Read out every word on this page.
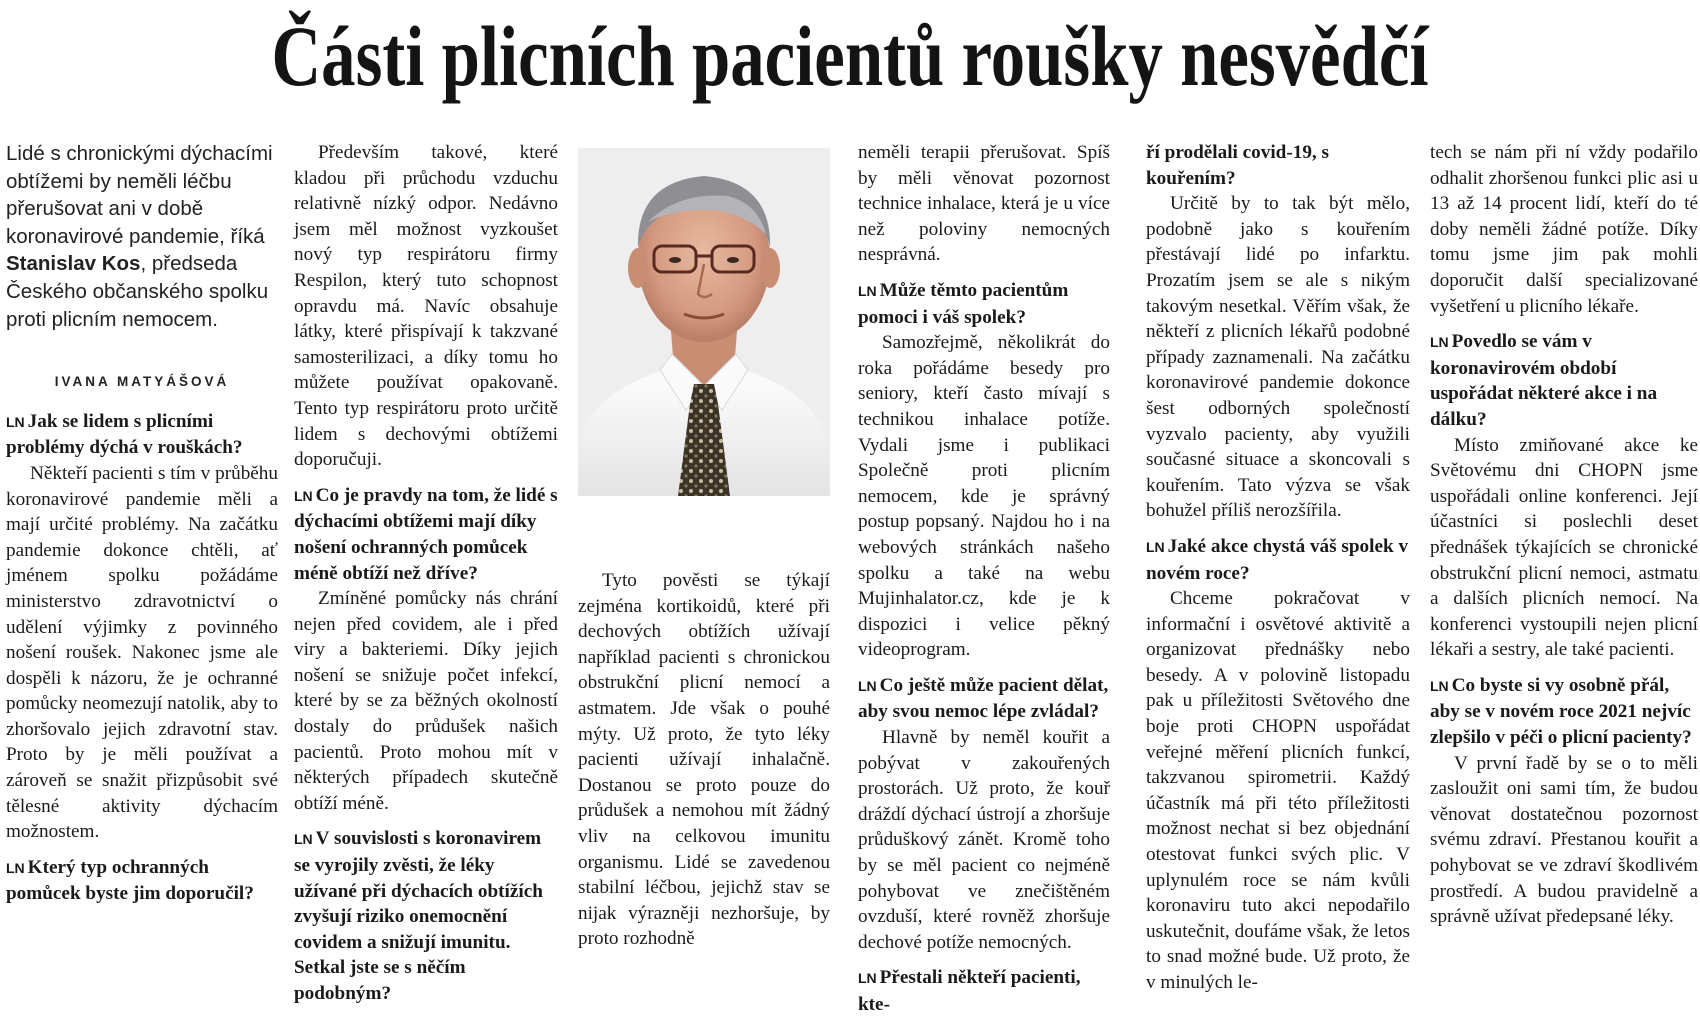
Části plicních pacientů roušky nesvědčí

Lidé s chronickými dýchacími obtížemi by neměli léčbu přerušovat ani v době koronavirové pandemie, říká Stanislav Kos, předseda Českého občanského spolku proti plicním nemocem.

IVANA MATYÁŠOVÁ

LN Jak se lidem s plicními problémy dýchá v rouškách?

Někteří pacienti s tím v průběhu koronavirové pandemie měli a mají určité problémy. Na začátku pandemie dokonce chtěli, ať jménem spolku požádáme ministerstvo zdravotnictví o udělení výjimky z povinného nošení roušek. Nakonec jsme ale dospěli k názoru, že je ochranné pomůcky neomezují natolik, aby to zhoršovalo jejich zdravotní stav. Proto by je měli používat a zároveň se snažit přizpůsobit své tělesné aktivity dýchacím možnostem.

LN Který typ ochranných pomůcek byste jim doporučil?

Především takové, které kladou při průchodu vzduchu relativně nízký odpor. Nedávno jsem měl možnost vyzkoušet nový typ respirátoru firmy Respilon, který tuto schopnost opravdu má. Navíc obsahuje látky, které přispívají k takzvané samosterilizaci, a díky tomu ho můžete používat opakovaně. Tento typ respirátoru proto určitě lidem s dechovými obtížemi doporučuji.

LN Co je pravdy na tom, že lidé s dýchacími obtížemi mají díky nošení ochranných pomůcek méně obtíží než dříve?

Zmíněné pomůcky nás chrání nejen před covidem, ale i před viry a bakteriemi. Díky jejich nošení se snižuje počet infekcí, které by se za běžných okolností dostaly do průdušek našich pacientů. Proto mohou mít v některých případech skutečně obtíží méně.

LN V souvislosti s koronavirem se vyrojily zvěsti, že léky užívané při dýchacích obtížích zvyšují riziko onemocnění covidem a snižují imunitu. Setkal jste se s něčím podobným?

Tyto pověsti se týkají zejména kortikoidů, které při dechových obtížích užívají například pacienti s chronickou obstrukční plicní nemocí a astmatem. Jde však o pouhé mýty. Už proto, že tyto léky pacienti užívají inhalačně. Dostanou se proto pouze do průdušek a nemohou mít žádný vliv na celkovou imunitu organismu. Lidé se zavedenou stabilní léčbou, jejichž stav se nijak výrazněji nezhoršuje, by proto rozhodně

neměli terapii přerušovat. Spíš by měli věnovat pozornost technice inhalace, která je u více než poloviny nemocných nesprávná.

LN Může těmto pacientům pomoci i váš spolek?

Samozřejmě, několikrát do roka pořádáme besedy pro seniory, kteří často mívají s technikou inhalace potíže. Vydali jsme i publikaci Společně proti plicním nemocem, kde je správný postup popsaný. Najdou ho i na webových stránkách našeho spolku a také na webu Mujinhalator.cz, kde je k dispozici i velice pěkný videoprogram.

LN Co ještě může pacient dělat, aby svou nemoc lépe zvládal?

Hlavně by neměl kouřit a pobývat v zakouřených prostorách. Už proto, že kouř dráždí dýchací ústrojí a zhoršuje průduškový zánět. Kromě toho by se měl pacient co nejméně pohybovat ve znečištěném ovzduší, které rovněž zhoršuje dechové potíže nemocných.

LN Přestali někteří pacienti, kte-

ří prodělali covid-19, s kouřením?

Určitě by to tak být mělo, podobně jako s kouřením přestávají lidé po infarktu. Prozatím jsem se ale s nikým takovým nesetkal. Věřím však, že někteří z plicních lékařů podobné případy zaznamenali. Na začátku koronavirové pandemie dokonce šest odborných společností vyzvalo pacienty, aby využili současné situace a skoncovali s kouřením. Tato výzva se však bohužel příliš nerozšířila.

LN Jaké akce chystá váš spolek v novém roce?

Chceme pokračovat v informační i osvětové aktivitě a organizovat přednášky nebo besedy. A v polovině listopadu pak u příležitosti Světového dne boje proti CHOPN uspořádat veřejné měření plicních funkcí, takzvanou spirometrii. Každý účastník má při této příležitosti možnost nechat si bez objednání otestovat funkci svých plic. V uplynulém roce se nám kvůli koronaviru tuto akci nepodařilo uskutečnit, doufáme však, že letos to snad možné bude. Už proto, že v minulých le-

tech se nám při ní vždy podařilo odhalit zhoršenou funkci plic asi u 13 až 14 procent lidí, kteří do té doby neměli žádné potíže. Díky tomu jsme jim pak mohli doporučit další specializované vyšetření u plicního lékaře.

LN Povedlo se vám v koronavirovém období uspořádat některé akce i na dálku?

Místo zmiňované akce ke Světovému dni CHOPN jsme uspořádali online konferenci. Její účastníci si poslechli deset přednášek týkajících se chronické obstrukční plicní nemoci, astmatu a dalších plicních nemocí. Na konferenci vystoupili nejen plicní lékaři a sestry, ale také pacienti.

LN Co byste si vy osobně přál, aby se v novém roce 2021 nejvíc zlepšilo v péči o plicní pacienty?

V první řadě by se o to měli zasloužit oni sami tím, že budou věnovat dostatečnou pozornost svému zdraví. Přestanou kouřit a pohybovat se ve zdraví škodlivém prostředí. A budou pravidelně a správně užívat předepsané léky.
